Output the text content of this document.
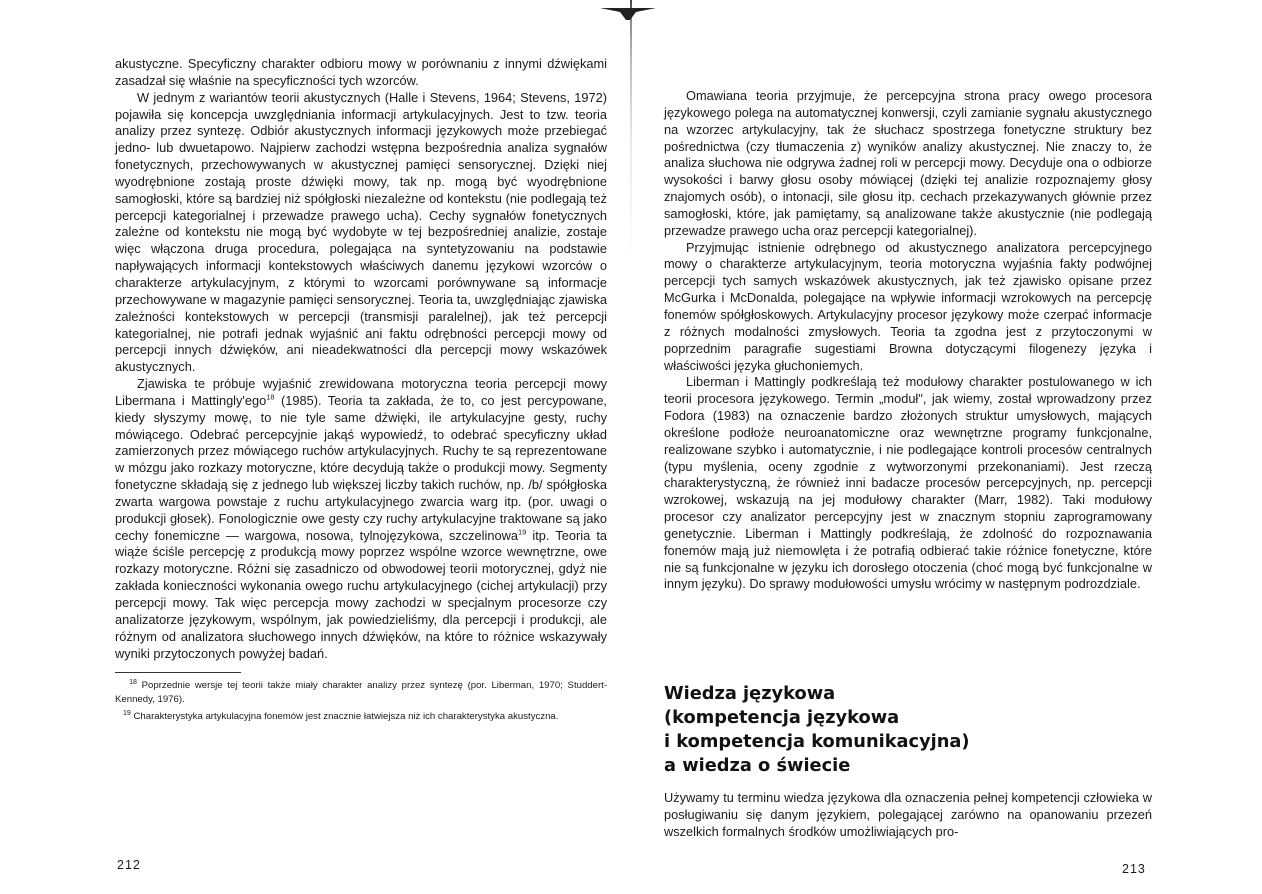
akustyczne. Specyficzny charakter odbioru mowy w porównaniu z innymi dźwiękami zasadzał się właśnie na specyficzności tych wzorców.

W jednym z wariantów teorii akustycznych (Halle i Stevens, 1964; Stevens, 1972) pojawiła się koncepcja uwzględniania informacji artykulacyjnych. Jest to tzw. teoria analizy przez syntezę. Odbiór akustycznych informacji językowych może przebiegać jedno- lub dwuetapowo. Najpierw zachodzi wstępna bezpośrednia analiza sygnałów fonetycznych, przechowywanych w akustycznej pamięci sensorycznej. Dzięki niej wyodrębnione zostają proste dźwięki mowy, tak np. mogą być wyodrębnione samogłoski, które są bardziej niż spółgłoski niezależne od kontekstu (nie podlegają też percepcji kategorialnej i przewadze prawego ucha). Cechy sygnałów fonetycznych zależne od kontekstu nie mogą być wydobyte w tej bezpośredniej analizie, zostaje więc włączona druga procedura, polegająca na syntetyzowaniu na podstawie napływających informacji kontekstowych właściwych danemu językowi wzorców o charakterze artykulacyjnym, z którymi to wzorcami porównywane są informacje przechowywane w magazynie pamięci sensorycznej. Teoria ta, uwzględniając zjawiska zależności kontekstowych w percepcji (transmisji paralelnej), jak też percepcji kategorialnej, nie potrafi jednak wyjaśnić ani faktu odrębności percepcji mowy od percepcji innych dźwięków, ani nieadekwatności dla percepcji mowy wskazówek akustycznych.

Zjawiska te próbuje wyjaśnić zrewidowana motoryczna teoria percepcji mowy Libermana i Mattingly'ego$^{18}$ (1985). Teoria ta zakłada, że to, co jest percypowane, kiedy słyszymy mowę, to nie tyle same dźwięki, ile artykulacyjne gesty, ruchy mówiącego. Odebrać percepcyjnie jakąś wypowiedź, to odebrać specyficzny układ zamierzonych przez mówiącego ruchów artykulacyjnych. Ruchy te są reprezentowane w mózgu jako rozkazy motoryczne, które decydują także o produkcji mowy. Segmenty fonetyczne składają się z jednego lub większej liczby takich ruchów, np. /b/ spółgłoska zwarta wargowa powstaje z ruchu artykulacyjnego zwarcia warg itp. (por. uwagi o produkcji głosek). Fonologicznie owe gesty czy ruchy artykulacyjne traktowane są jako cechy fonemiczne — wargowa, nosowa, tylnojęzykowa, szczelinowa$^{19}$ itp. Teoria ta wiąże ściśle percepcję z produkcją mowy poprzez wspólne wzorce wewnętrzne, owe rozkazy motoryczne. Różni się zasadniczo od obwodowej teorii motorycznej, gdyż nie zakłada konieczności wykonania owego ruchu artykulacyjnego (cichej artykulacji) przy percepcji mowy. Tak więc percepcja mowy zachodzi w specjalnym procesorze czy analizatorze językowym, wspólnym, jak powiedzieliśmy, dla percepcji i produkcji, ale różnym od analizatora słuchowego innych dźwięków, na które to różnice wskazywały wyniki przytoczonych powyżej badań.

$^{18}$ Poprzednie wersje tej teorii także miały charakter analizy przez syntezę (por. Liberman, 1970; Studdert-Kennedy, 1976).

$^{19}$ Charakterystyka artykulacyjna fonemów jest znacznie łatwiejsza niż ich charakterystyka akustyczna.

212

Omawiana teoria przyjmuje, że percepcyjna strona pracy owego procesora językowego polega na automatycznej konwersji, czyli zamianie sygnału akustycznego na wzorzec artykulacyjny, tak że słuchacz spostrzega fonetyczne struktury bez pośrednictwa (czy tłumaczenia z) wyników analizy akustycznej. Nie znaczy to, że analiza słuchowa nie odgrywa żadnej roli w percepcji mowy. Decyduje ona o odbiorze wysokości i barwy głosu osoby mówiącej (dzięki tej analizie rozpoznajemy głosy znajomych osób), o intonacji, sile głosu itp. cechach przekazywanych głównie przez samogłoski, które, jak pamiętamy, są analizowane także akustycznie (nie podlegają przewadze prawego ucha oraz percepcji kategorialnej).

Przyjmując istnienie odrębnego od akustycznego analizatora percepcyjnego mowy o charakterze artykulacyjnym, teoria motoryczna wyjaśnia fakty podwójnej percepcji tych samych wskazówek akustycznych, jak też zjawisko opisane przez McGurka i McDonalda, polegające na wpływie informacji wzrokowych na percepcję fonemów spółgłoskowych. Artykulacyjny procesor językowy może czerpać informacje z różnych modalności zmysłowych. Teoria ta zgodna jest z przytoczonymi w poprzednim paragrafie sugestiami Browna dotyczącymi filogenezy języka i właściwości języka głuchoniemych.

Liberman i Mattingly podkreślają też modułowy charakter postulowanego w ich teorii procesora językowego. Termin „moduł", jak wiemy, został wprowadzony przez Fodora (1983) na oznaczenie bardzo złożonych struktur umysłowych, mających określone podłoże neuroanatomiczne oraz wewnętrzne programy funkcjonalne, realizowane szybko i automatycznie, i nie podlegające kontroli procesów centralnych (typu myślenia, oceny zgodnie z wytworzonymi przekonaniami). Jest rzeczą charakterystyczną, że również inni badacze procesów percepcyjnych, np. percepcji wzrokowej, wskazują na jej modułowy charakter (Marr, 1982). Taki modułowy procesor czy analizator percepcyjny jest w znacznym stopniu zaprogramowany genetycznie. Liberman i Mattingly podkreślają, że zdolność do rozpoznawania fonemów mają już niemowlęta i że potrafią odbierać takie różnice fonetyczne, które nie są funkcjonalne w języku ich dorosłego otoczenia (choć mogą być funkcjonalne w innym języku). Do sprawy modułowości umysłu wrócimy w następnym podrozdziale.

Wiedza językowa
(kompetencja językowa
i kompetencja komunikacyjna)
a wiedza o świecie

Używamy tu terminu wiedza językowa dla oznaczenia pełnej kompetencji człowieka w posługiwaniu się danym językiem, polegającej zarówno na opanowaniu przezeń wszelkich formalnych środków umożliwiających pro-

213
